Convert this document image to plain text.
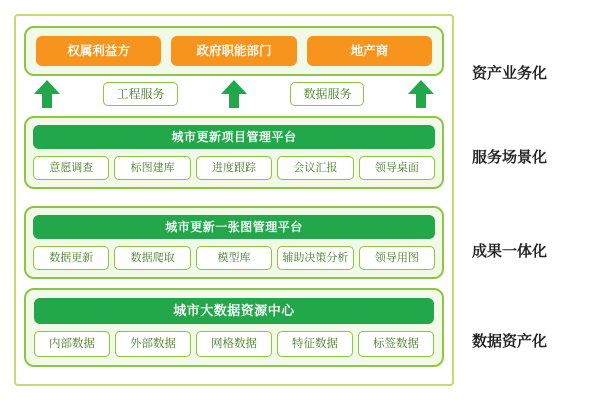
权属利益方	政府职能部门	地产商
工程服务	数据服务
城市更新项目管理平台
意愿调查	标图建库	进度跟踪	会议汇报	领导桌面
城市更新一张图管理平台
数据更新	数据爬取	模型库	辅助决策分析	领导用图
城市大数据资源中心
内部数据	外部数据	网格数据	特征数据	标签数据
资产业务化
服务场景化
成果一体化
数据资产化
